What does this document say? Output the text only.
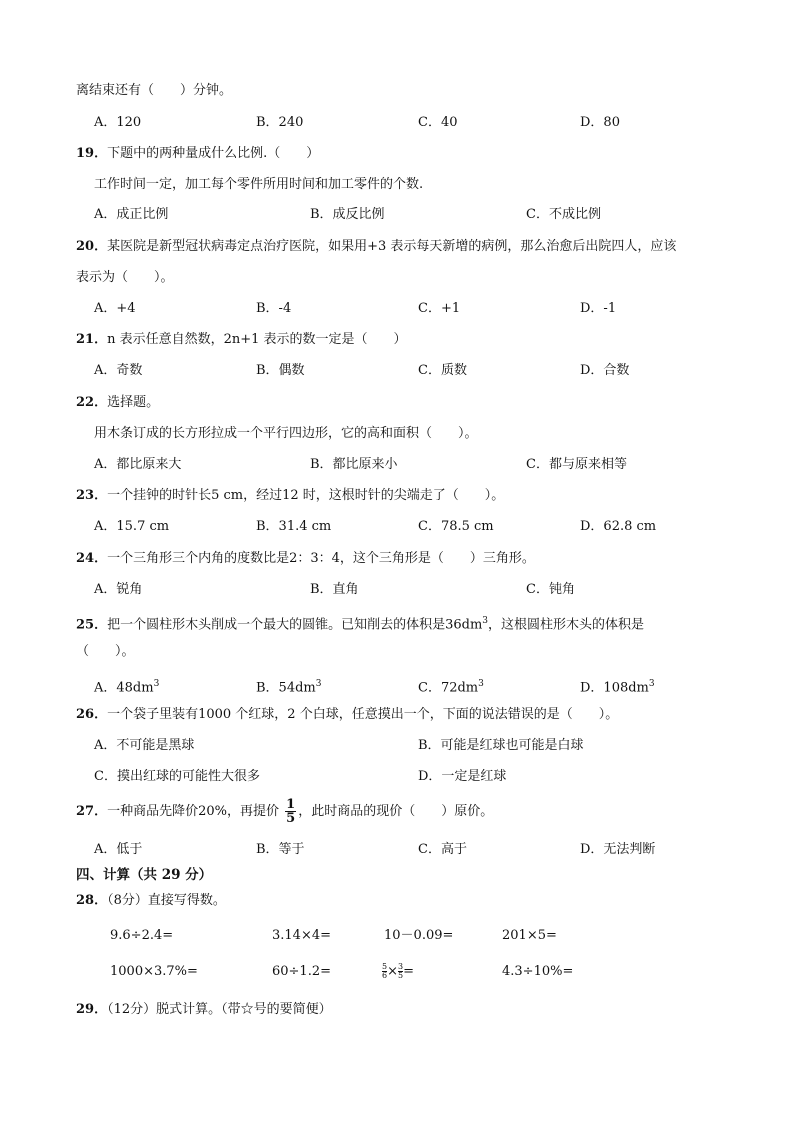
离结束还有（　　）分钟。
A．120	B．240	C．40	D．80
19．下题中的两种量成什么比例.（　　）
工作时间一定，加工每个零件所用时间和加工零件的个数.
A．成正比例	B．成反比例	C．不成比例
20．某医院是新型冠状病毒定点治疗医院，如果用+3 表示每天新增的病例，那么治愈后出院四人，应该
表示为（　　）。
A．+4	B．-4	C．+1	D．-1
21．n 表示任意自然数，2n+1 表示的数一定是（　　）
A．奇数	B．偶数	C．质数	D．合数
22．选择题。
用木条订成的长方形拉成一个平行四边形，它的高和面积（　　）。
A．都比原来大	B．都比原来小	C．都与原来相等
23．一个挂钟的时针长5 cm，经过12 时，这根时针的尖端走了（　　）。
A．15.7 cm	B．31.4 cm	C．78.5 cm	D．62.8 cm
24．一个三角形三个内角的度数比是2：3：4，这个三角形是（　　）三角形。
A．锐角	B．直角	C．钝角
25．把一个圆柱形木头削成一个最大的圆锥。已知削去的体积是$36dm^3$，这根圆柱形木头的体积是
（　　）。
A．$48dm^3$	B．$54dm^3$	C．$72dm^3$	D．$108dm^3$
26．一个袋子里装有1000 个红球，2 个白球，任意摸出一个，下面的说法错误的是（　　）。
A．不可能是黑球	B．可能是红球也可能是白球
C．摸出红球的可能性大很多	D．一定是红球
27．一种商品先降价20%，再提价 $\frac{1}{5}$ ，此时商品的现价（　　）原价。
A．低于	B．等于	C．高于	D．无法判断
四、计算（共 29 分）
28．（8分）直接写得数。
9.6÷2.4=	3.14×4=	10－0.09=	201×5=
1000×3.7%=	60÷1.2=	$\frac{5}{6} \times \frac{3}{5}$ =	4.3÷10%=
29．（12分）脱式计算。（带☆号的要简便）
